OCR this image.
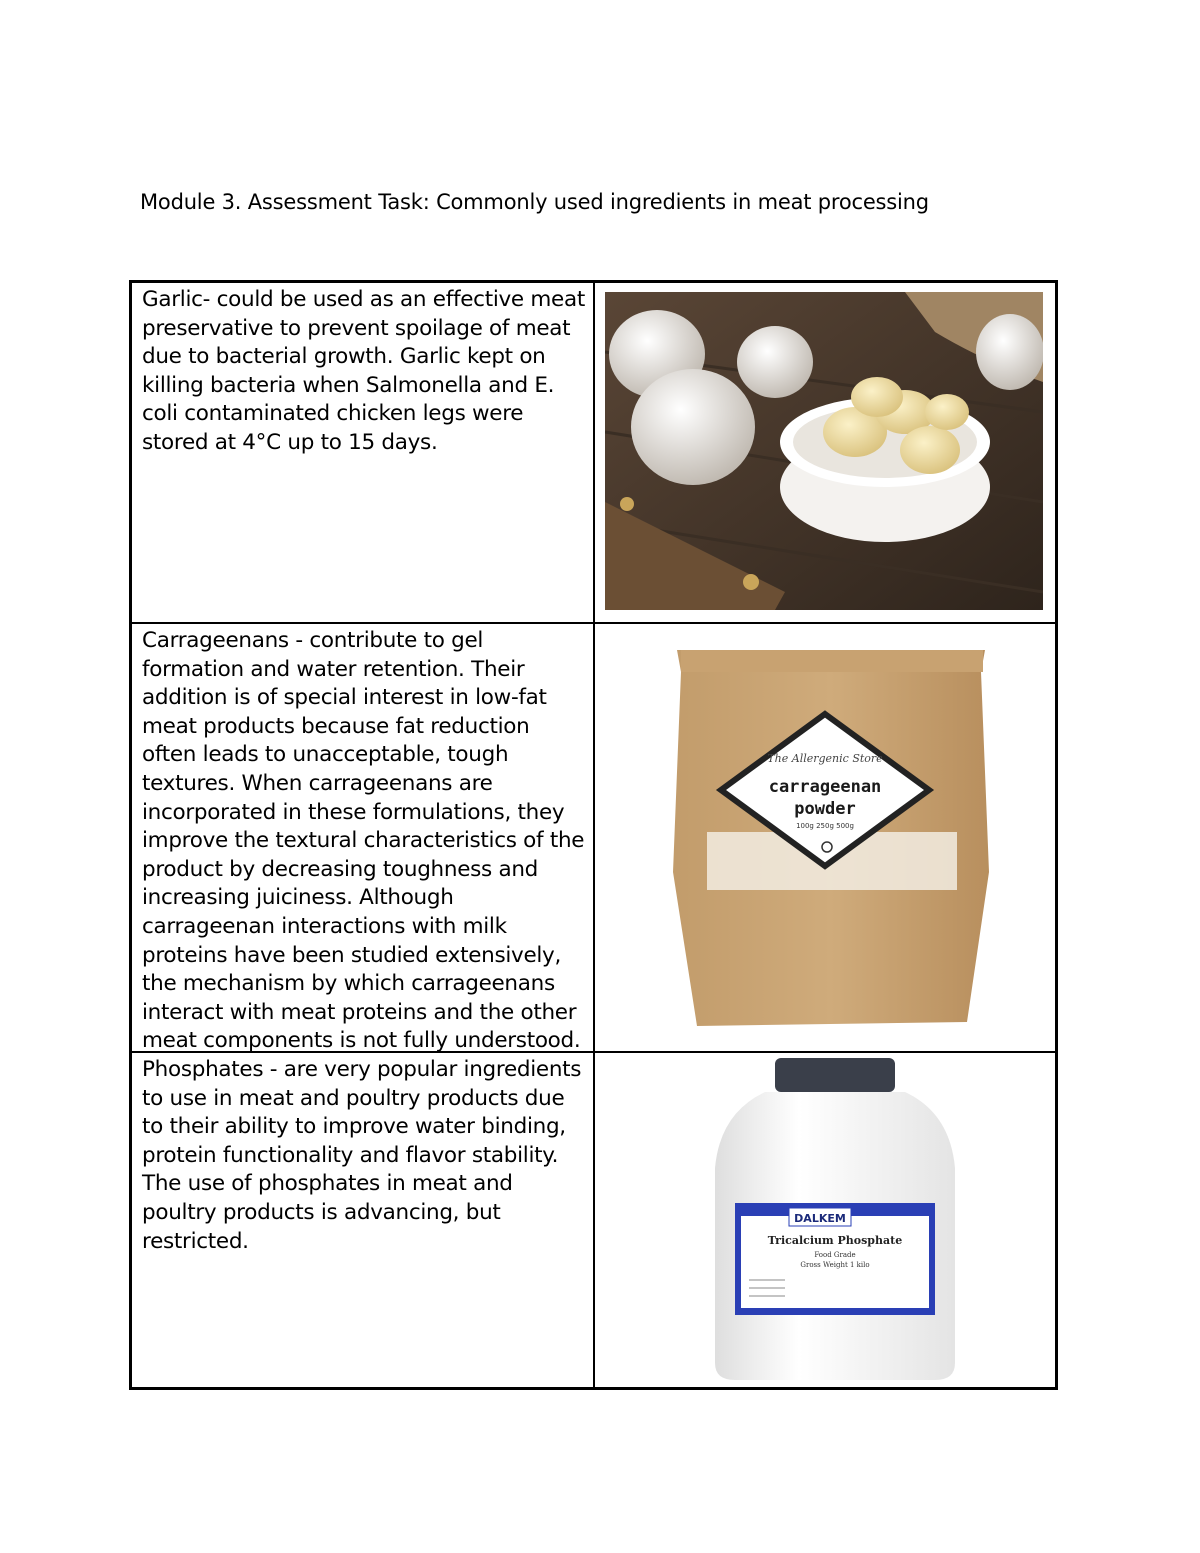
Module 3. Assessment Task: Commonly used ingredients in meat processing
Garlic- could be used as an effective meat preservative to prevent spoilage of meat due to bacterial growth. Garlic kept on killing bacteria when Salmonella and E. coli contaminated chicken legs were stored at 4°C up to 15 days.
Carrageenans - contribute to gel formation and water retention. Their addition is of special interest in low-fat meat products because fat reduction often leads to unacceptable, tough textures. When carrageenans are incorporated in these formulations, they improve the textural characteristics of the product by decreasing toughness and increasing juiciness. Although carrageenan interactions with milk proteins have been studied extensively, the mechanism by which carrageenans interact with meat proteins and the other meat components is not fully understood.
The Allergenic Store
carrageenan
powder
100g 250g 500g
Phosphates - are very popular ingredients to use in meat and poultry products due to their ability to improve water binding, protein functionality and flavor stability. The use of phosphates in meat and poultry products is advancing, but restricted.
DALKEM
Tricalcium Phosphate
Food Grade
Gross Weight 1 kilo
